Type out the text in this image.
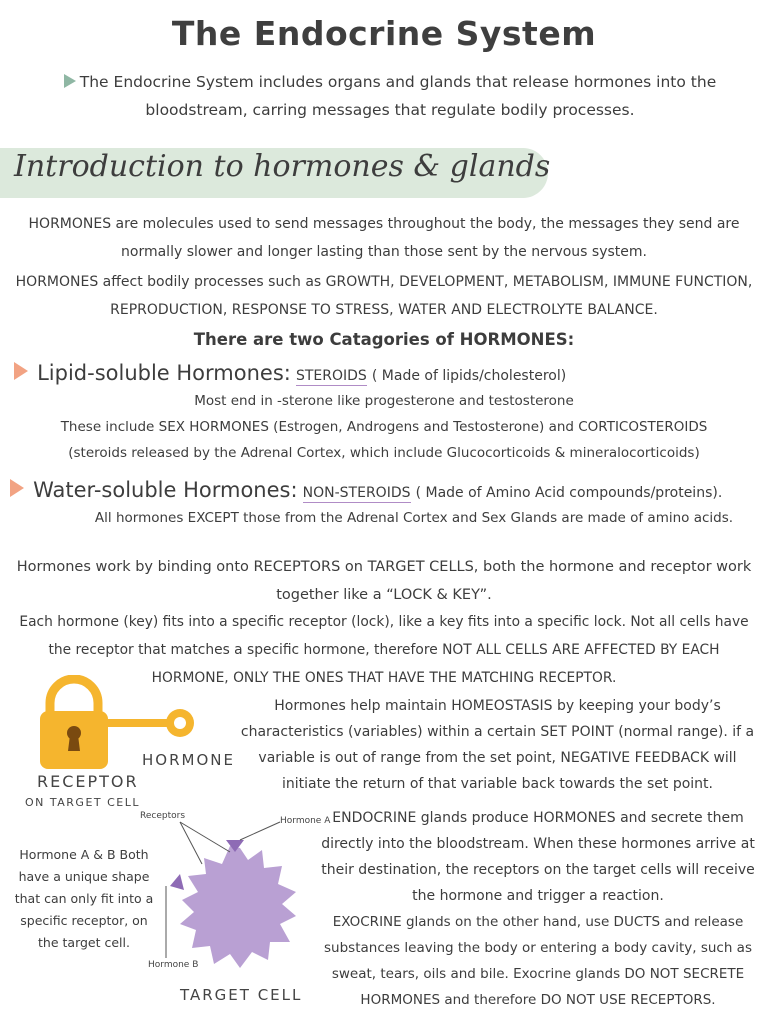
The Endocrine System
The Endocrine System includes organs and glands that release hormones into the bloodstream, carring messages that regulate bodily processes.
Introduction to hormones & glands
HORMONES are molecules used to send messages throughout the body, the messages they send are normally slower and longer lasting than those sent by the nervous system.
HORMONES affect bodily processes such as GROWTH, DEVELOPMENT, METABOLISM, IMMUNE FUNCTION, REPRODUCTION, RESPONSE TO STRESS, WATER AND ELECTROLYTE BALANCE.
There are two Catagories of HORMONES:
Lipid-soluble Hormones: STEROIDS ( Made of lipids/cholesterol)
Most end in -sterone like progesterone and testosterone
These include SEX HORMONES (Estrogen, Androgens and Testosterone) and CORTICOSTEROIDS
(steroids released by the Adrenal Cortex, which include Glucocorticoids & mineralocorticoids)
Water-soluble Hormones: NON-STEROIDS ( Made of Amino Acid compounds/proteins).
All hormones EXCEPT those from the Adrenal Cortex and Sex Glands are made of amino acids.
Hormones work by binding onto RECEPTORS on TARGET CELLS, both the hormone and receptor work together like a “LOCK & KEY”.
Each hormone (key) fits into a specific receptor (lock), like a key fits into a specific lock. Not all cells have the receptor that matches a specific hormone, therefore NOT ALL CELLS ARE AFFECTED BY EACH HORMONE, ONLY THE ONES THAT HAVE THE MATCHING RECEPTOR.
HORMONE
RECEPTOR
ON TARGET CELL
Hormones help maintain HOMEOSTASIS by keeping your body’s characteristics (variables) within a certain SET POINT (normal range). if a variable is out of range from the set point, NEGATIVE FEEDBACK will initiate the return of that variable back towards the set point.
ENDOCRINE glands produce HORMONES and secrete them directly into the bloodstream. When these hormones arrive at their destination, the receptors on the target cells will receive the hormone and trigger a reaction.
EXOCRINE glands on the other hand, use DUCTS and release substances leaving the body or entering a body cavity, such as sweat, tears, oils and bile. Exocrine glands DO NOT SECRETE HORMONES and therefore DO NOT USE RECEPTORS.
Receptors	Hormone A
Hormone B
TARGET CELL
Hormone A & B Both have a unique shape that can only fit into a specific receptor, on the target cell.
